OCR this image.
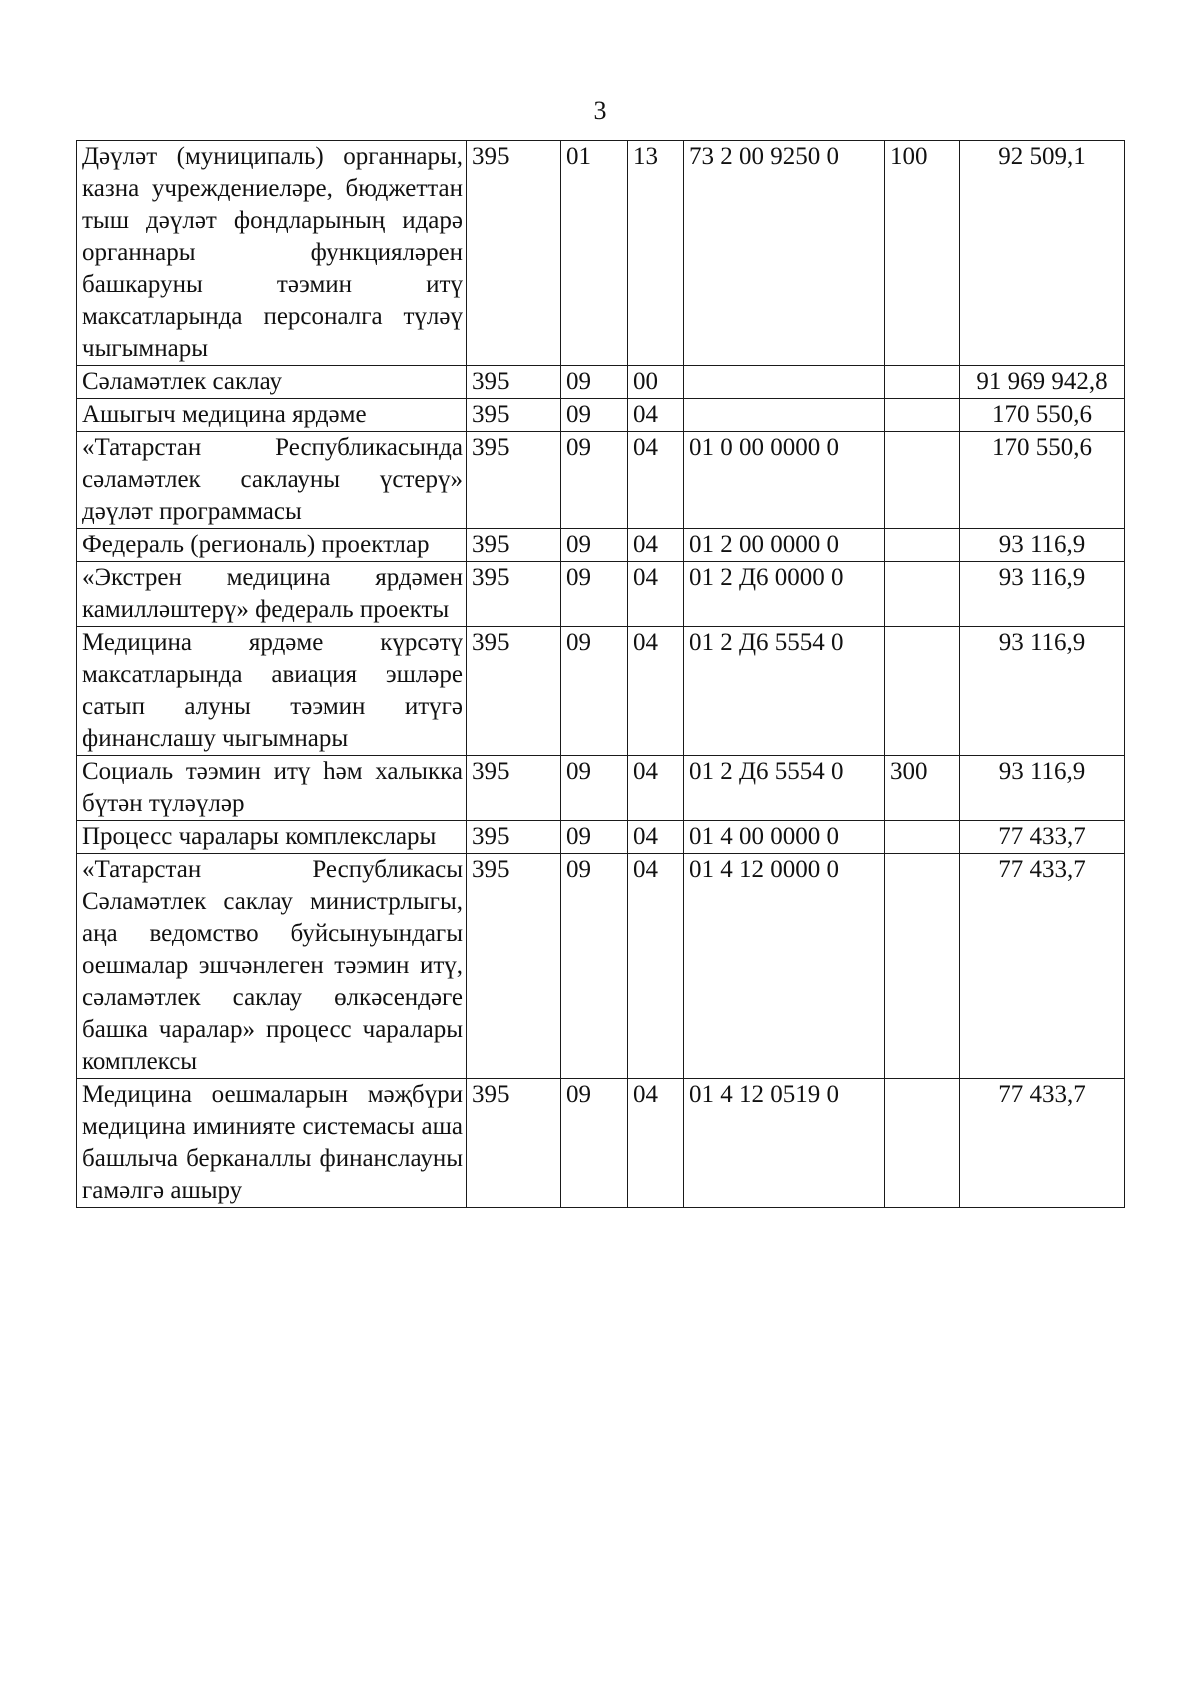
3
Дәүләт (муниципаль) органнары, казна учреждениеләре, бюджеттан тыш дәүләт фондларының идарә органнары функцияләрен башкаруны тәэмин итү максатларында персоналга түләү чыгымнары	395	01	13	73 2 00 9250 0	100	92 509,1
Сәламәтлек саклау	395	09	00			91 969 942,8
Ашыгыч медицина ярдәме	395	09	04			170 550,6
«Татарстан Республикасында сәламәтлек саклауны үстерү» дәүләт программасы	395	09	04	01 0 00 0000 0		170 550,6
Федераль (региональ) проектлар	395	09	04	01 2 00 0000 0		93 116,9
«Экстрен медицина ярдәмен камилләштерү» федераль проекты	395	09	04	01 2 Д6 0000 0		93 116,9
Медицина ярдәме күрсәтү максатларында авиация эшләре сатып алуны тәэмин итүгә финанслашу чыгымнары	395	09	04	01 2 Д6 5554 0		93 116,9
Социаль тәэмин итү һәм халыкка бүтән түләүләр	395	09	04	01 2 Д6 5554 0	300	93 116,9
Процесс чаралары комплекслары	395	09	04	01 4 00 0000 0		77 433,7
«Татарстан Республикасы Сәламәтлек саклау министрлыгы, аңа ведомство буйсынуындагы оешмалар эшчәнлеген тәэмин итү, сәламәтлек саклау өлкәсендәге башка чаралар» процесс чаралары комплексы	395	09	04	01 4 12 0000 0		77 433,7
Медицина оешмаларын мәҗбүри медицина иминияте системасы аша башлыча берканаллы финанслауны гамәлгә ашыру	395	09	04	01 4 12 0519 0		77 433,7
